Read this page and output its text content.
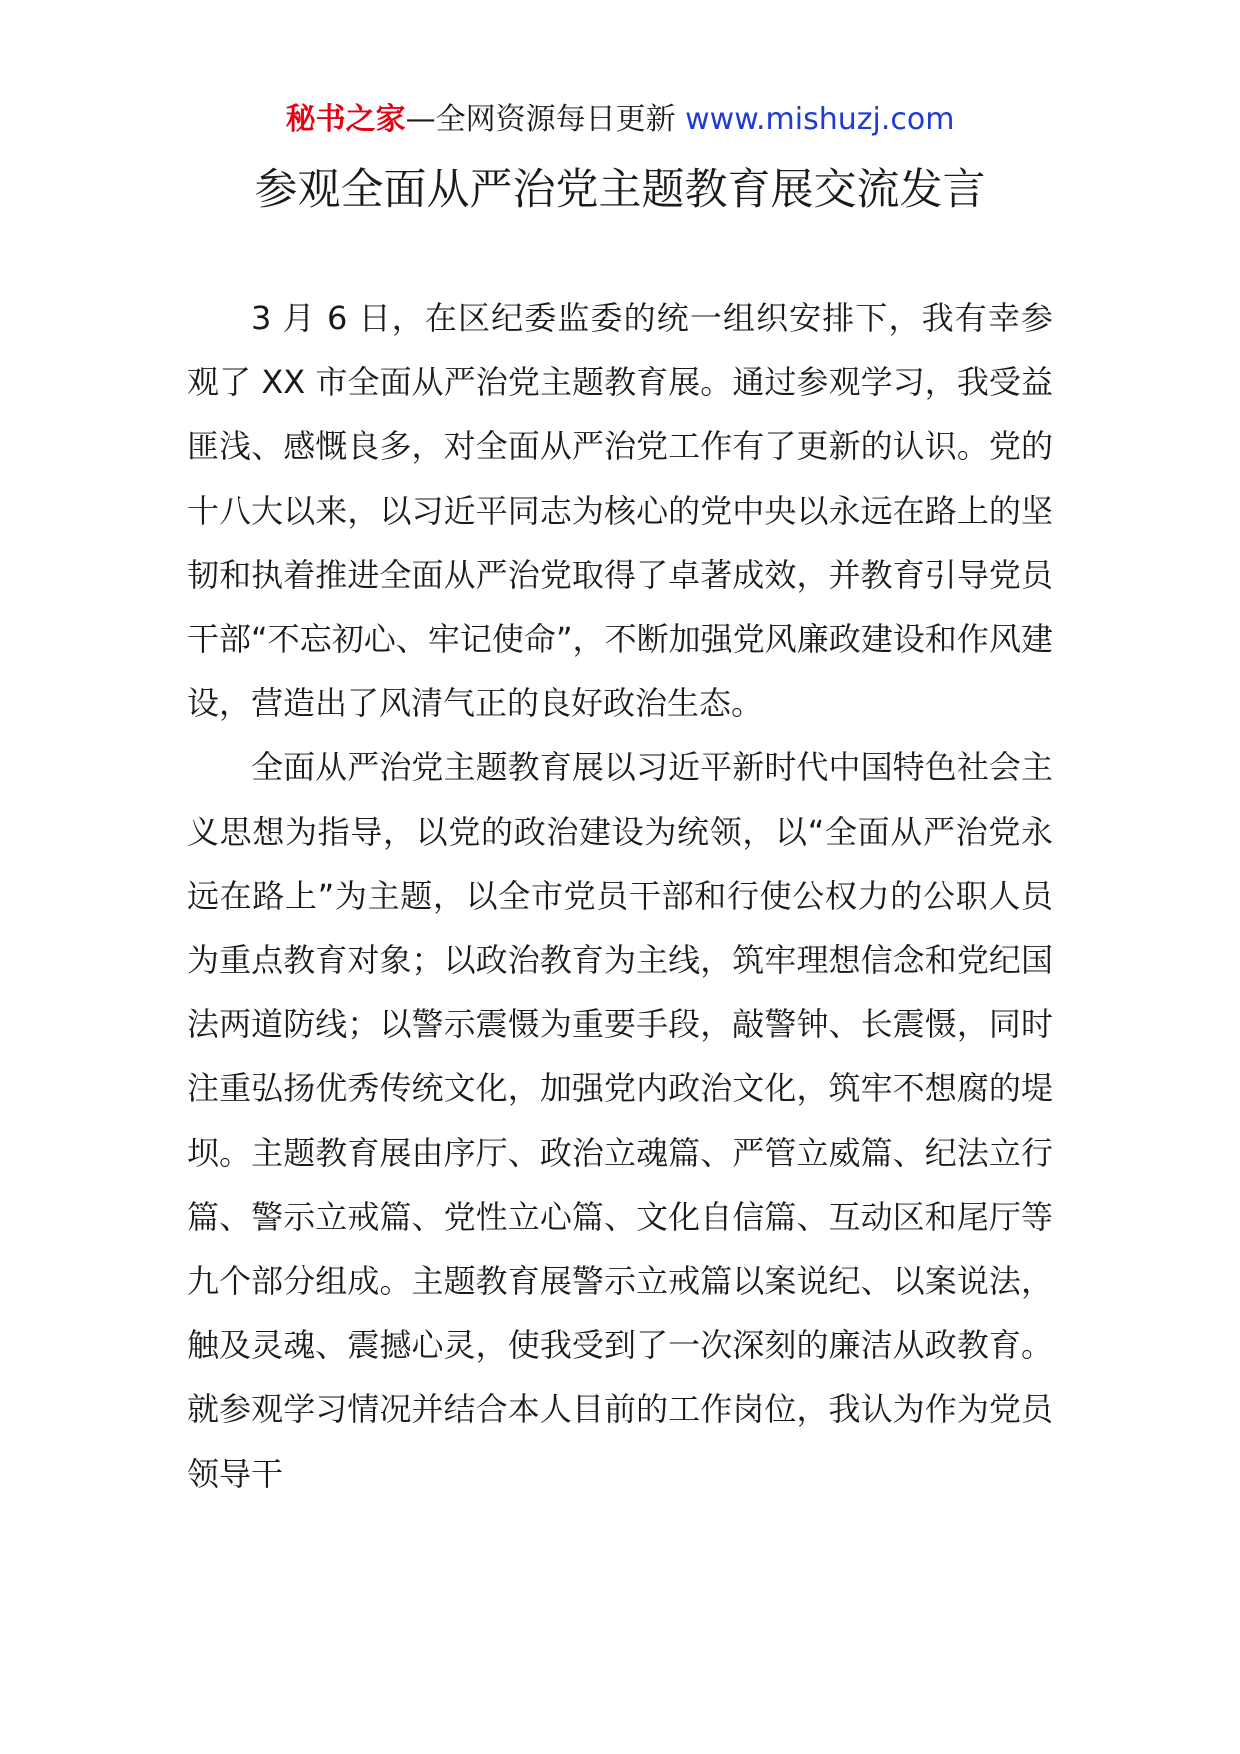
秘书之家—全网资源每日更新 www.mishuzj.com
参观全面从严治党主题教育展交流发言

3 月 6 日，在区纪委监委的统一组织安排下，我有幸参观了 XX 市全面从严治党主题教育展。通过参观学习，我受益匪浅、感慨良多，对全面从严治党工作有了更新的认识。党的十八大以来，以习近平同志为核心的党中央以永远在路上的坚韧和执着推进全面从严治党取得了卓著成效，并教育引导党员干部“不忘初心、牢记使命”，不断加强党风廉政建设和作风建设，营造出了风清气正的良好政治生态。

全面从严治党主题教育展以习近平新时代中国特色社会主义思想为指导，以党的政治建设为统领，以“全面从严治党永远在路上”为主题，以全市党员干部和行使公权力的公职人员为重点教育对象；以政治教育为主线，筑牢理想信念和党纪国法两道防线；以警示震慑为重要手段，敲警钟、长震慑，同时注重弘扬优秀传统文化，加强党内政治文化，筑牢不想腐的堤坝。主题教育展由序厅、政治立魂篇、严管立威篇、纪法立行篇、警示立戒篇、党性立心篇、文化自信篇、互动区和尾厅等九个部分组成。主题教育展警示立戒篇以案说纪、以案说法，触及灵魂、震撼心灵，使我受到了一次深刻的廉洁从政教育。就参观学习情况并结合本人目前的工作岗位，我认为作为党员领导干
